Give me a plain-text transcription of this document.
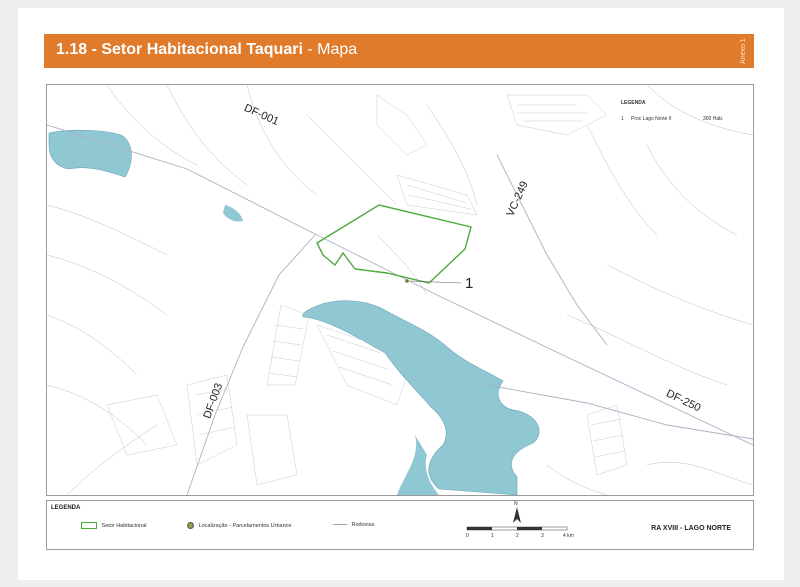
1.18 - Setor Habitacional Taquari - Mapa	Anexo 1
DF-001
VC-249
DF-003	DF-250
1
LEGENDA
1 Proc Lago Norte II	300 Hab.
LEGENDA
Setor Habitacional	Localização - Parcelamentos Urbanos	Rodovias
N
0	1	2	3	4 km
RA XVIII - LAGO NORTE
